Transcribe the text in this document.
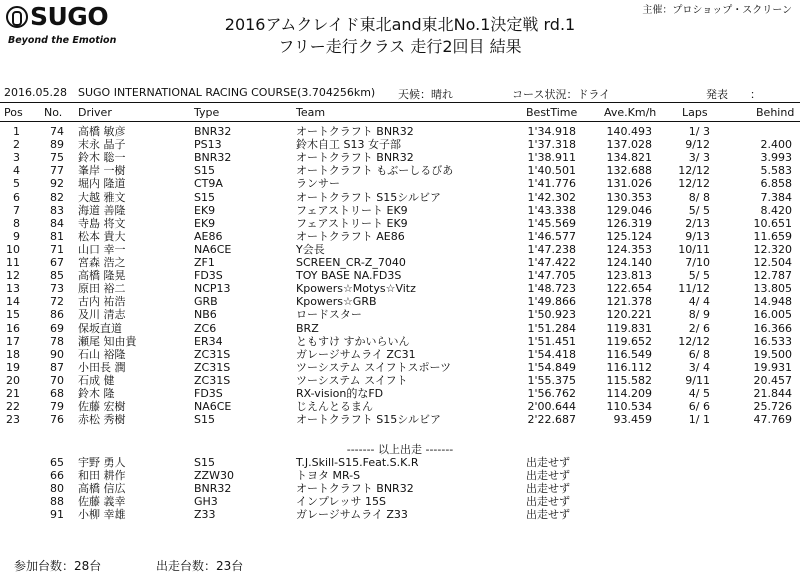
SUGO
Beyond the Emotion
主催：プロショップ・スクリーン
2016アムクレイド東北and東北No.1決定戦 rd.1
フリー走行クラス 走行2回目 結果
2016.05.28 SUGO INTERNATIONAL RACING COURSE(3.704256km) 天候：晴れ	コース状況：ドライ	発表　　：
Pos No. Driver	Type	Team	BestTime Ave.Km/h Laps	Behind
1	74 高橋 敏彦	BNR32	オートクラフト BNR32	1'34.918	140.493	1/ 3
2	89 末永 晶子	PS13	鈴木自工 S13 女子部	1'37.318	137.028	9/12	2.400
3	75 鈴木 聡一	BNR32	オートクラフト BNR32	1'38.911	134.821	3/ 3	3.993
4	77 峯岸 一樹	S15	オートクラフト もぶーしるびあ	1'40.501	132.688	12/12	5.583
5	92 堀内 隆道	CT9A	ランサー	1'41.776	131.026	12/12	6.858
6	82 大越 雅文	S15	オートクラフト S15シルビア	1'42.302	130.353	8/ 8	7.384
7	83 海道 善隆	EK9	フェアストリート EK9	1'43.338	129.046	5/ 5	8.420
8	84 寺島 将文	EK9	フェアストリート EK9	1'45.569	126.319	2/13	10.651
9	81 松本 貴大	AE86	オートクラフト AE86	1'46.577	125.124	9/13	11.659
10	71 山口 幸一	NA6CE	Y会長	1'47.238	124.353	10/11	12.320
11	67 宮森 浩之	ZF1	SCREEN_CR-Z_7040	1'47.422	124.140	7/10	12.504
12	85 高橋 隆晃	FD3S	TOY BASE NA.FD3S	1'47.705	123.813	5/ 5	12.787
13	73 原田 裕二	NCP13	Kpowers☆Motys☆Vitz	1'48.723	122.654	11/12	13.805
14	72 古内 祐浩	GRB	Kpowers☆GRB	1'49.866	121.378	4/ 4	14.948
15	86 及川 清志	NB6	ロードスター	1'50.923	120.221	8/ 9	16.005
16	69 保坂直道	ZC6	BRZ	1'51.284	119.831	2/ 6	16.366
17	78 瀬尾 知由貴	ER34	ともすけ すかいらいん	1'51.451	119.652	12/12	16.533
18	90 石山 裕隆	ZC31S	ガレージサムライ ZC31	1'54.418	116.549	6/ 8	19.500
19	87 小田長 潤	ZC31S	ツーシステム スイフトスポーツ	1'54.849	116.112	3/ 4	19.931
20	70 石成 健	ZC31S	ツーシステム スイフト	1'55.375	115.582	9/11	20.457
21	68 鈴木 隆	FD3S	RX-vision的なFD	1'56.762	114.209	4/ 5	21.844
22	79 佐藤 宏樹	NA6CE	じえんとるまん	2'00.644	110.534	6/ 6	25.726
23	76 赤松 秀樹	S15	オートクラフト S15シルビア	2'22.687	93.459	1/ 1	47.769
------- 以上出走 -------
65 宇野 勇人	S15	T.J.Skill-S15.Feat.S.K.R	出走せず
66 和田 耕作	ZZW30	トヨタ MR-S	出走せず
80 高橋 信広	BNR32	オートクラフト BNR32	出走せず
88 佐藤 義幸	GH3	インプレッサ 15S	出走せず
91 小柳 幸雄	Z33	ガレージサムライ Z33	出走せず
参加台数：28台	出走台数：23台
